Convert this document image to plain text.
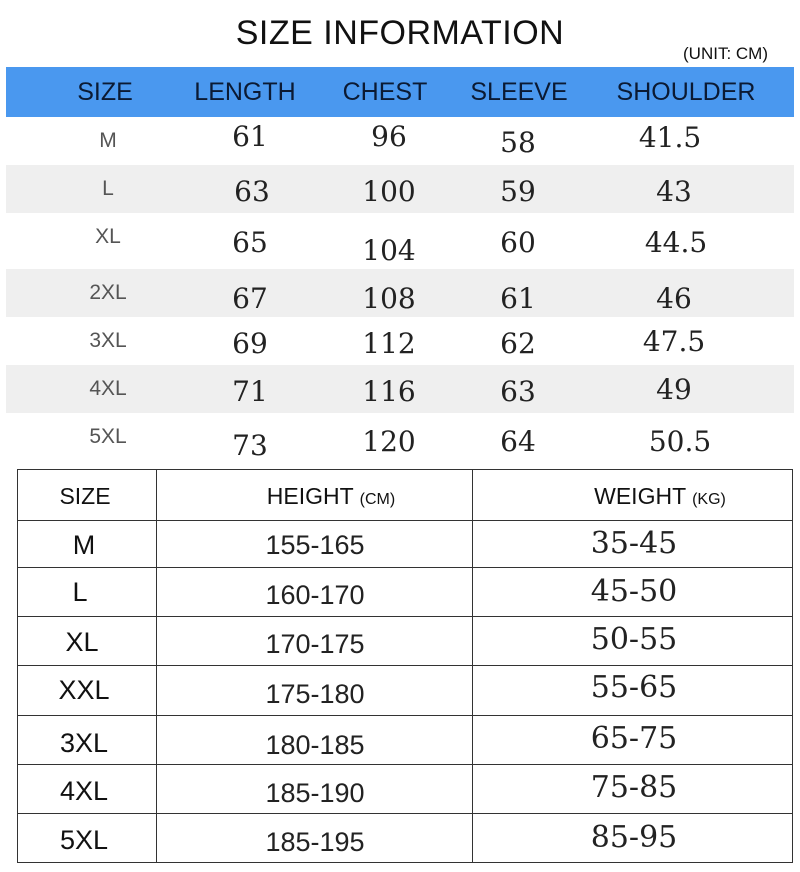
SIZE INFORMATION
(UNIT: CM)
SIZE LENGTH CHEST SLEEVE SHOULDER
M	61	96	58	41.5
L	63	100	59	43
XL	65	104	60	44.5
2XL	67	108	61	46
3XL	69	112	62	47.5
4XL	71	116	63	49
5XL	73	120	64	50.5
SIZE	HEIGHT (CM)	WEIGHT (KG)
M	155-165	35-45
L	160-170	45-50
XL	170-175	50-55
XXL	175-180	55-65
3XL	180-185	65-75
4XL	185-190	75-85
5XL	185-195	85-95
